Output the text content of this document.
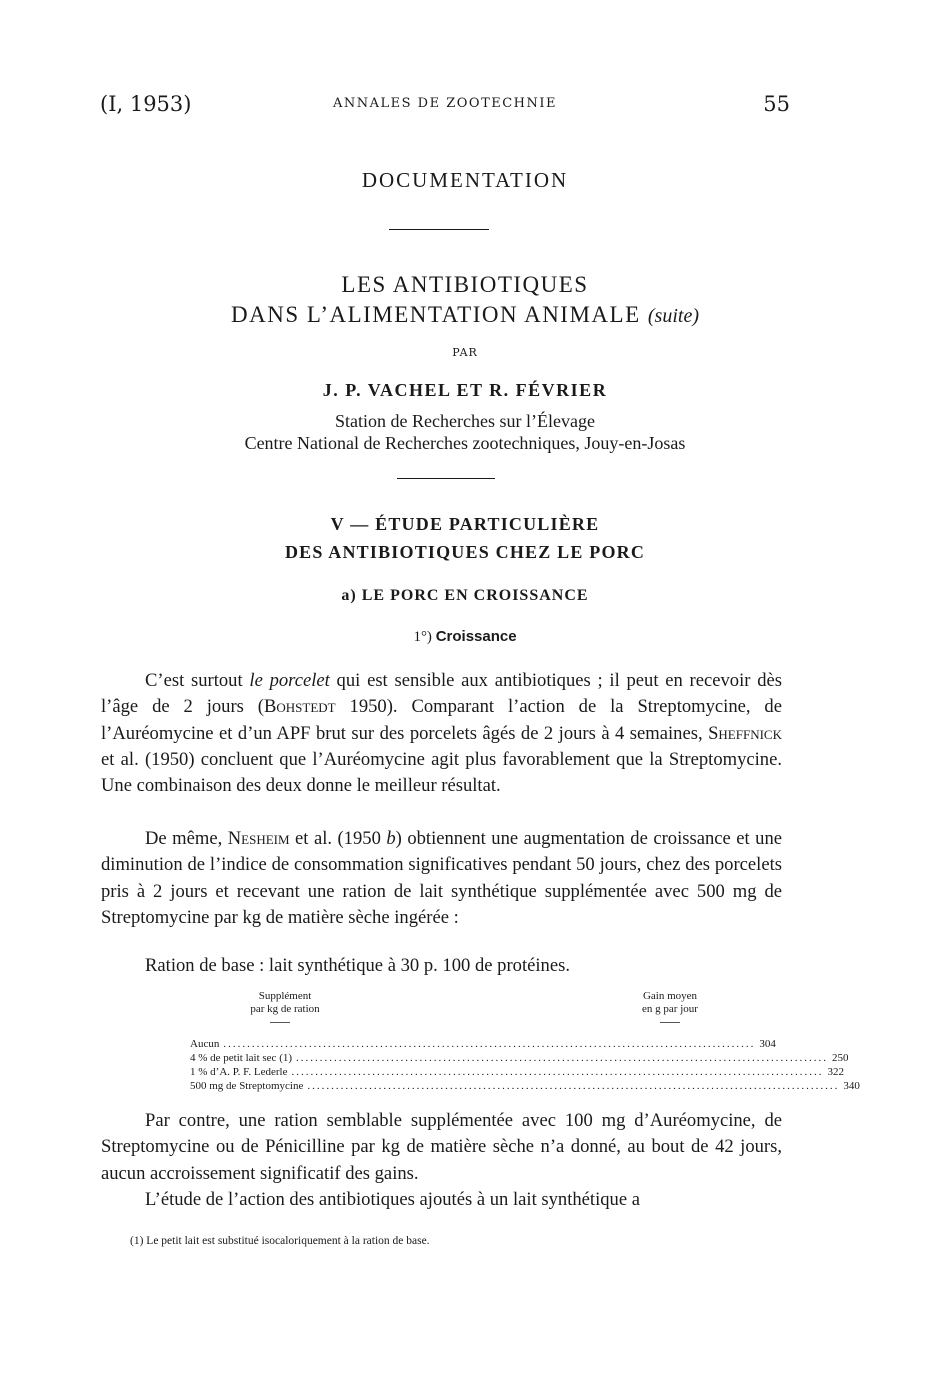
(I, 1953)	ANNALES DE ZOOTECHNIE	55
DOCUMENTATION
LES ANTIBIOTIQUES
DANS L’ALIMENTATION ANIMALE (suite)
PAR
J. P. VACHEL ET R. FÉVRIER
Station de Recherches sur l’Élevage
Centre National de Recherches zootechniques, Jouy-en-Josas
V — ÉTUDE PARTICULIÈRE
DES ANTIBIOTIQUES CHEZ LE PORC
a) LE PORC EN CROISSANCE
1°) Croissance

C’est surtout le porcelet qui est sensible aux antibiotiques ; il peut en recevoir dès l’âge de 2 jours (Bohstedt 1950). Comparant l’action de la Streptomycine, de l’Auréomycine et d’un APF brut sur des porcelets âgés de 2 jours à 4 semaines, Sheffnick et al. (1950) concluent que l’Auréomycine agit plus favorablement que la Streptomycine. Une combinaison des deux donne le meilleur résultat.

De même, Nesheim et al. (1950 b) obtiennent une augmentation de croissance et une diminution de l’indice de consommation significatives pendant 50 jours, chez des porcelets pris à 2 jours et recevant une ration de lait synthétique supplémentée avec 500 mg de Streptomycine par kg de matière sèche ingérée :

Ration de base : lait synthétique à 30 p. 100 de protéines.
Supplément
par kg de ration
Gain moyen
en g par jour
Aucun ................................................................................................................ 304
4 % de petit lait sec (1) ................................................................................................................ 250
1 % d’A. P. F. Lederle ................................................................................................................ 322
500 mg de Streptomycine ................................................................................................................ 340

Par contre, une ration semblable supplémentée avec 100 mg d’Auréomycine, de Streptomycine ou de Pénicilline par kg de matière sèche n’a donné, au bout de 42 jours, aucun accroissement significatif des gains.

L’étude de l’action des antibiotiques ajoutés à un lait synthétique a

(1) Le petit lait est substitué isocaloriquement à la ration de base.
